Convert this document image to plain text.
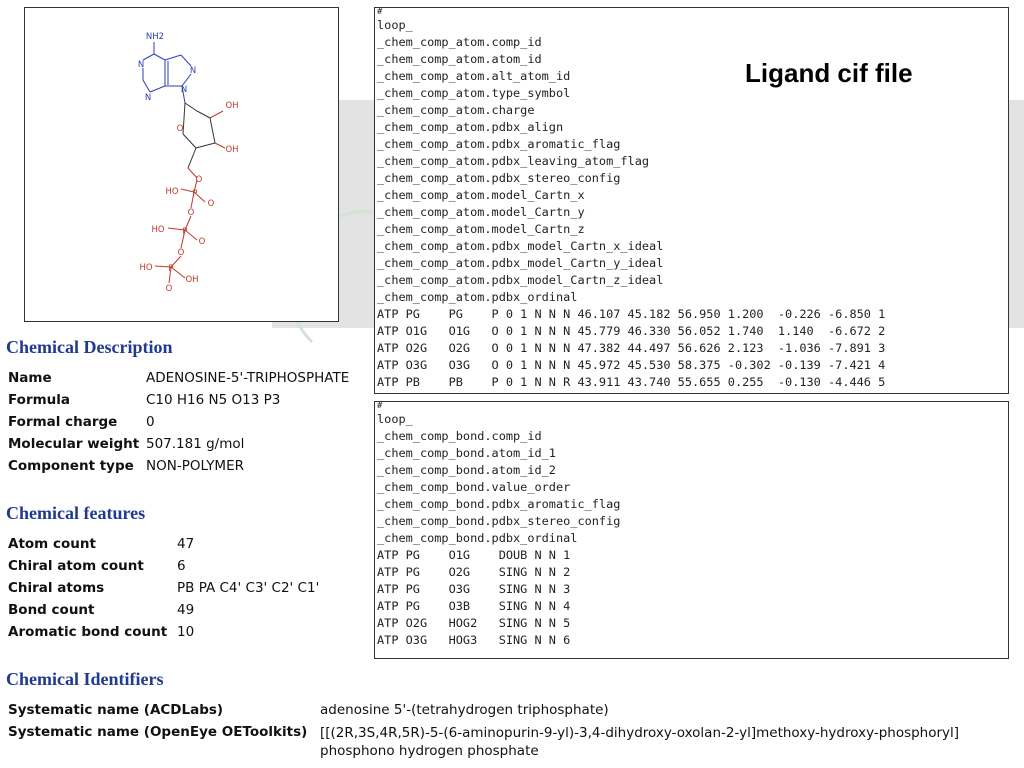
NH2
N
N
N
N
O
OH
OH
O
HO P
O
O
HO P
O
O
HO P
OH
O
#
loop_
_chem_comp_atom.comp_id
_chem_comp_atom.atom_id
_chem_comp_atom.alt_atom_id
_chem_comp_atom.type_symbol
_chem_comp_atom.charge
_chem_comp_atom.pdbx_align
_chem_comp_atom.pdbx_aromatic_flag
_chem_comp_atom.pdbx_leaving_atom_flag
_chem_comp_atom.pdbx_stereo_config
_chem_comp_atom.model_Cartn_x
_chem_comp_atom.model_Cartn_y
_chem_comp_atom.model_Cartn_z
_chem_comp_atom.pdbx_model_Cartn_x_ideal
_chem_comp_atom.pdbx_model_Cartn_y_ideal
_chem_comp_atom.pdbx_model_Cartn_z_ideal
_chem_comp_atom.pdbx_ordinal
ATP PG    PG    P 0 1 N N N 46.107 45.182 56.950 1.200  -0.226 -6.850 1
ATP O1G   O1G   O 0 1 N N N 45.779 46.330 56.052 1.740  1.140  -6.672 2
ATP O2G   O2G   O 0 1 N N N 47.382 44.497 56.626 2.123  -1.036 -7.891 3
ATP O3G   O3G   O 0 1 N N N 45.972 45.530 58.375 -0.302 -0.139 -7.421 4
ATP PB    PB    P 0 1 N N R 43.911 43.740 55.655 0.255  -0.130 -4.446 5
Ligand cif file
#
loop_
_chem_comp_bond.comp_id
_chem_comp_bond.atom_id_1
_chem_comp_bond.atom_id_2
_chem_comp_bond.value_order
_chem_comp_bond.pdbx_aromatic_flag
_chem_comp_bond.pdbx_stereo_config
_chem_comp_bond.pdbx_ordinal
ATP PG    O1G    DOUB N N 1
ATP PG    O2G    SING N N 2
ATP PG    O3G    SING N N 3
ATP PG    O3B    SING N N 4
ATP O2G   HOG2   SING N N 5
ATP O3G   HOG3   SING N N 6
Chemical Description
Name	ADENOSINE-5'-TRIPHOSPHATE
Formula	C10 H16 N5 O13 P3
Formal charge	0
Molecular weight	507.181 g/mol
Component type	NON-POLYMER
Chemical features
Atom count	47
Chiral atom count	6
Chiral atoms	PB PA C4' C3' C2' C1'
Bond count	49
Aromatic bond count	10
Chemical Identifiers
Systematic name (ACDLabs)	adenosine 5'-(tetrahydrogen triphosphate)
Systematic name (OpenEye OEToolkits)	[[(2R,3S,4R,5R)-5-(6-aminopurin-9-yl)-3,4-dihydroxy-oxolan-2-yl]methoxy-hydroxy-phosphoryl]
phosphono hydrogen phosphate
